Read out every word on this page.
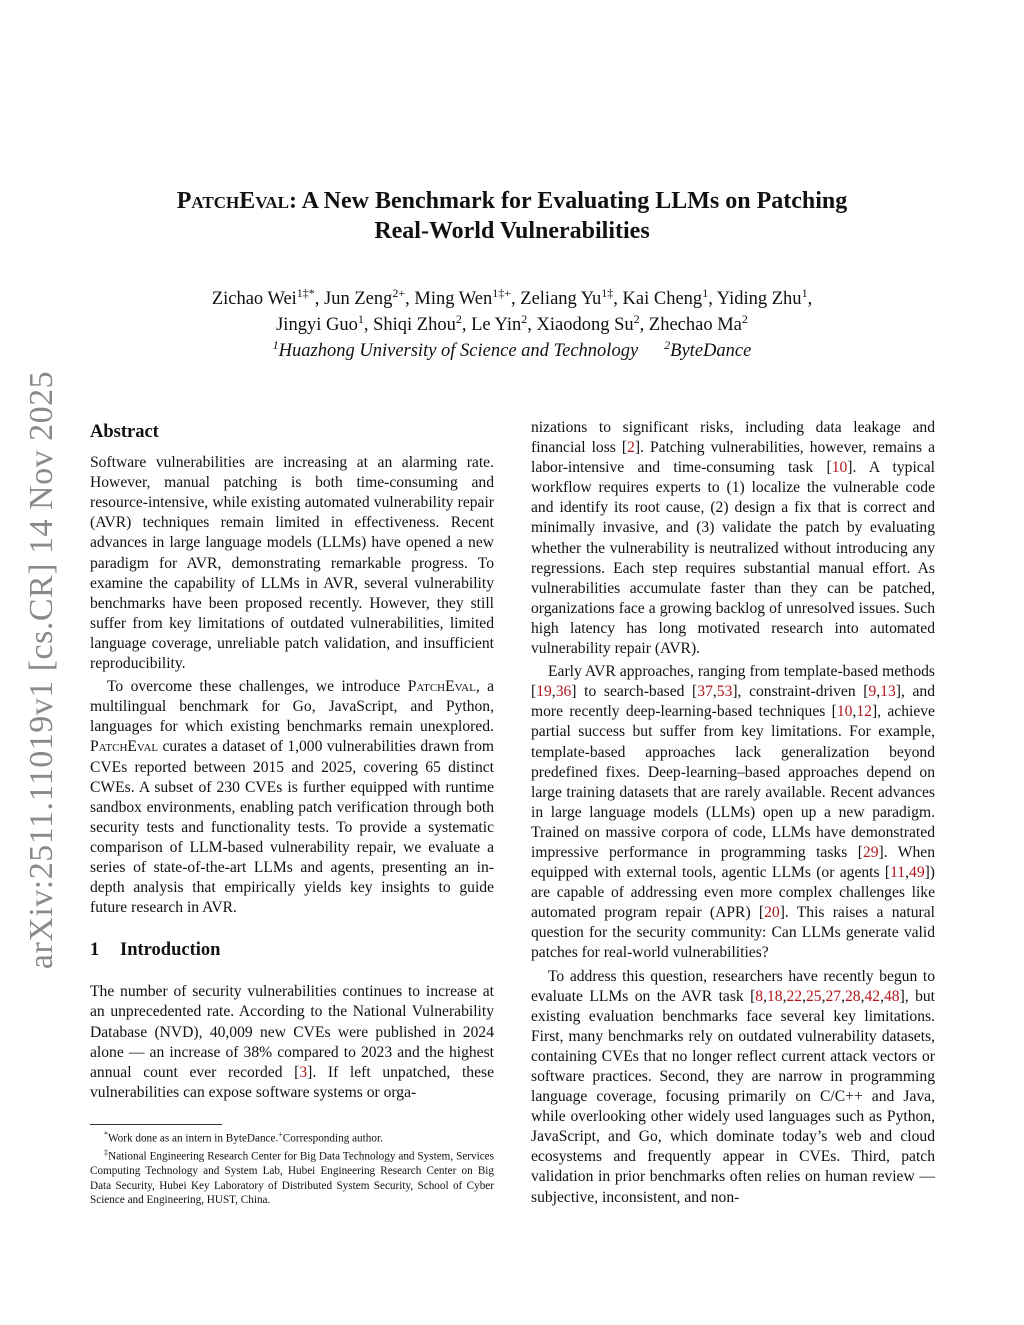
arXiv:2511.11019v1 [cs.CR] 14 Nov 2025
PatchEval: A New Benchmark for Evaluating LLMs on Patching
Real-World Vulnerabilities
Zichao Wei$^{1\ddagger*}$, Jun Zeng$^{2+}$, Ming Wen$^{1\ddagger+}$, Zeliang $Yu^{1\ddagger}$, Kai Cheng$^1$, Yiding Zhu$^1$,
Jingyi Guo$^1$, Shiqi Zhou$^2$, Le Yin$^2$, Xiaodong Su$^2$, Zhechao Ma$^2$
$^1$Huazhong University of Science and Technology $^2$ByteDance
Abstract

Software vulnerabilities are increasing at an alarming rate. However, manual patching is both time-consuming and resource-intensive, while existing automated vulnerability repair (AVR) techniques remain limited in effectiveness. Recent advances in large language models (LLMs) have opened a new paradigm for AVR, demonstrating remarkable progress. To examine the capability of LLMs in AVR, several vulnerability benchmarks have been proposed recently. However, they still suffer from key limitations of outdated vulnerabilities, limited language coverage, unreliable patch validation, and insufficient reproducibility.

To overcome these challenges, we introduce PatchEval, a multilingual benchmark for Go, JavaScript, and Python, languages for which existing benchmarks remain unexplored. PatchEval curates a dataset of 1,000 vulnerabilities drawn from CVEs reported between 2015 and 2025, covering 65 distinct CWEs. A subset of 230 CVEs is further equipped with runtime sandbox environments, enabling patch verification through both security tests and functionality tests. To provide a systematic comparison of LLM-based vulnerability repair, we evaluate a series of state-of-the-art LLMs and agents, presenting an in-depth analysis that empirically yields key insights to guide future research in AVR.

1 Introduction

The number of security vulnerabilities continues to increase at an unprecedented rate. According to the National Vulnerability Database (NVD), 40,009 new CVEs were published in 2024 alone — an increase of 38% compared to 2023 and the highest annual count ever recorded [3]. If left unpatched, these vulnerabilities can expose software systems or orga-

*Work done as an intern in ByteDance.+Corresponding author.

‡National Engineering Research Center for Big Data Technology and System, Services Computing Technology and System Lab, Hubei Engineering Research Center on Big Data Security, Hubei Key Laboratory of Distributed System Security, School of Cyber Science and Engineering, HUST, China.

nizations to significant risks, including data leakage and financial loss [2]. Patching vulnerabilities, however, remains a labor-intensive and time-consuming task [10]. A typical workflow requires experts to (1) localize the vulnerable code and identify its root cause, (2) design a fix that is correct and minimally invasive, and (3) validate the patch by evaluating whether the vulnerability is neutralized without introducing any regressions. Each step requires substantial manual effort. As vulnerabilities accumulate faster than they can be patched, organizations face a growing backlog of unresolved issues. Such high latency has long motivated research into automated vulnerability repair (AVR).

Early AVR approaches, ranging from template-based methods [19,36] to search-based [37,53], constraint-driven [9,13], and more recently deep-learning-based techniques [10,12], achieve partial success but suffer from key limitations. For example, template-based approaches lack generalization beyond predefined fixes. Deep-learning–based approaches depend on large training datasets that are rarely available. Recent advances in large language models (LLMs) open up a new paradigm. Trained on massive corpora of code, LLMs have demonstrated impressive performance in programming tasks [29]. When equipped with external tools, agentic LLMs (or agents [11,49]) are capable of addressing even more complex challenges like automated program repair (APR) [20]. This raises a natural question for the security community: Can LLMs generate valid patches for real-world vulnerabilities?

To address this question, researchers have recently begun to evaluate LLMs on the AVR task [8,18,22,25,27,28,42,48], but existing evaluation benchmarks face several key limitations. First, many benchmarks rely on outdated vulnerability datasets, containing CVEs that no longer reflect current attack vectors or software practices. Second, they are narrow in programming language coverage, focusing primarily on C/C++ and Java, while overlooking other widely used languages such as Python, JavaScript, and Go, which dominate today’s web and cloud ecosystems and frequently appear in CVEs. Third, patch validation in prior benchmarks often relies on human review — subjective, inconsistent, and non-
